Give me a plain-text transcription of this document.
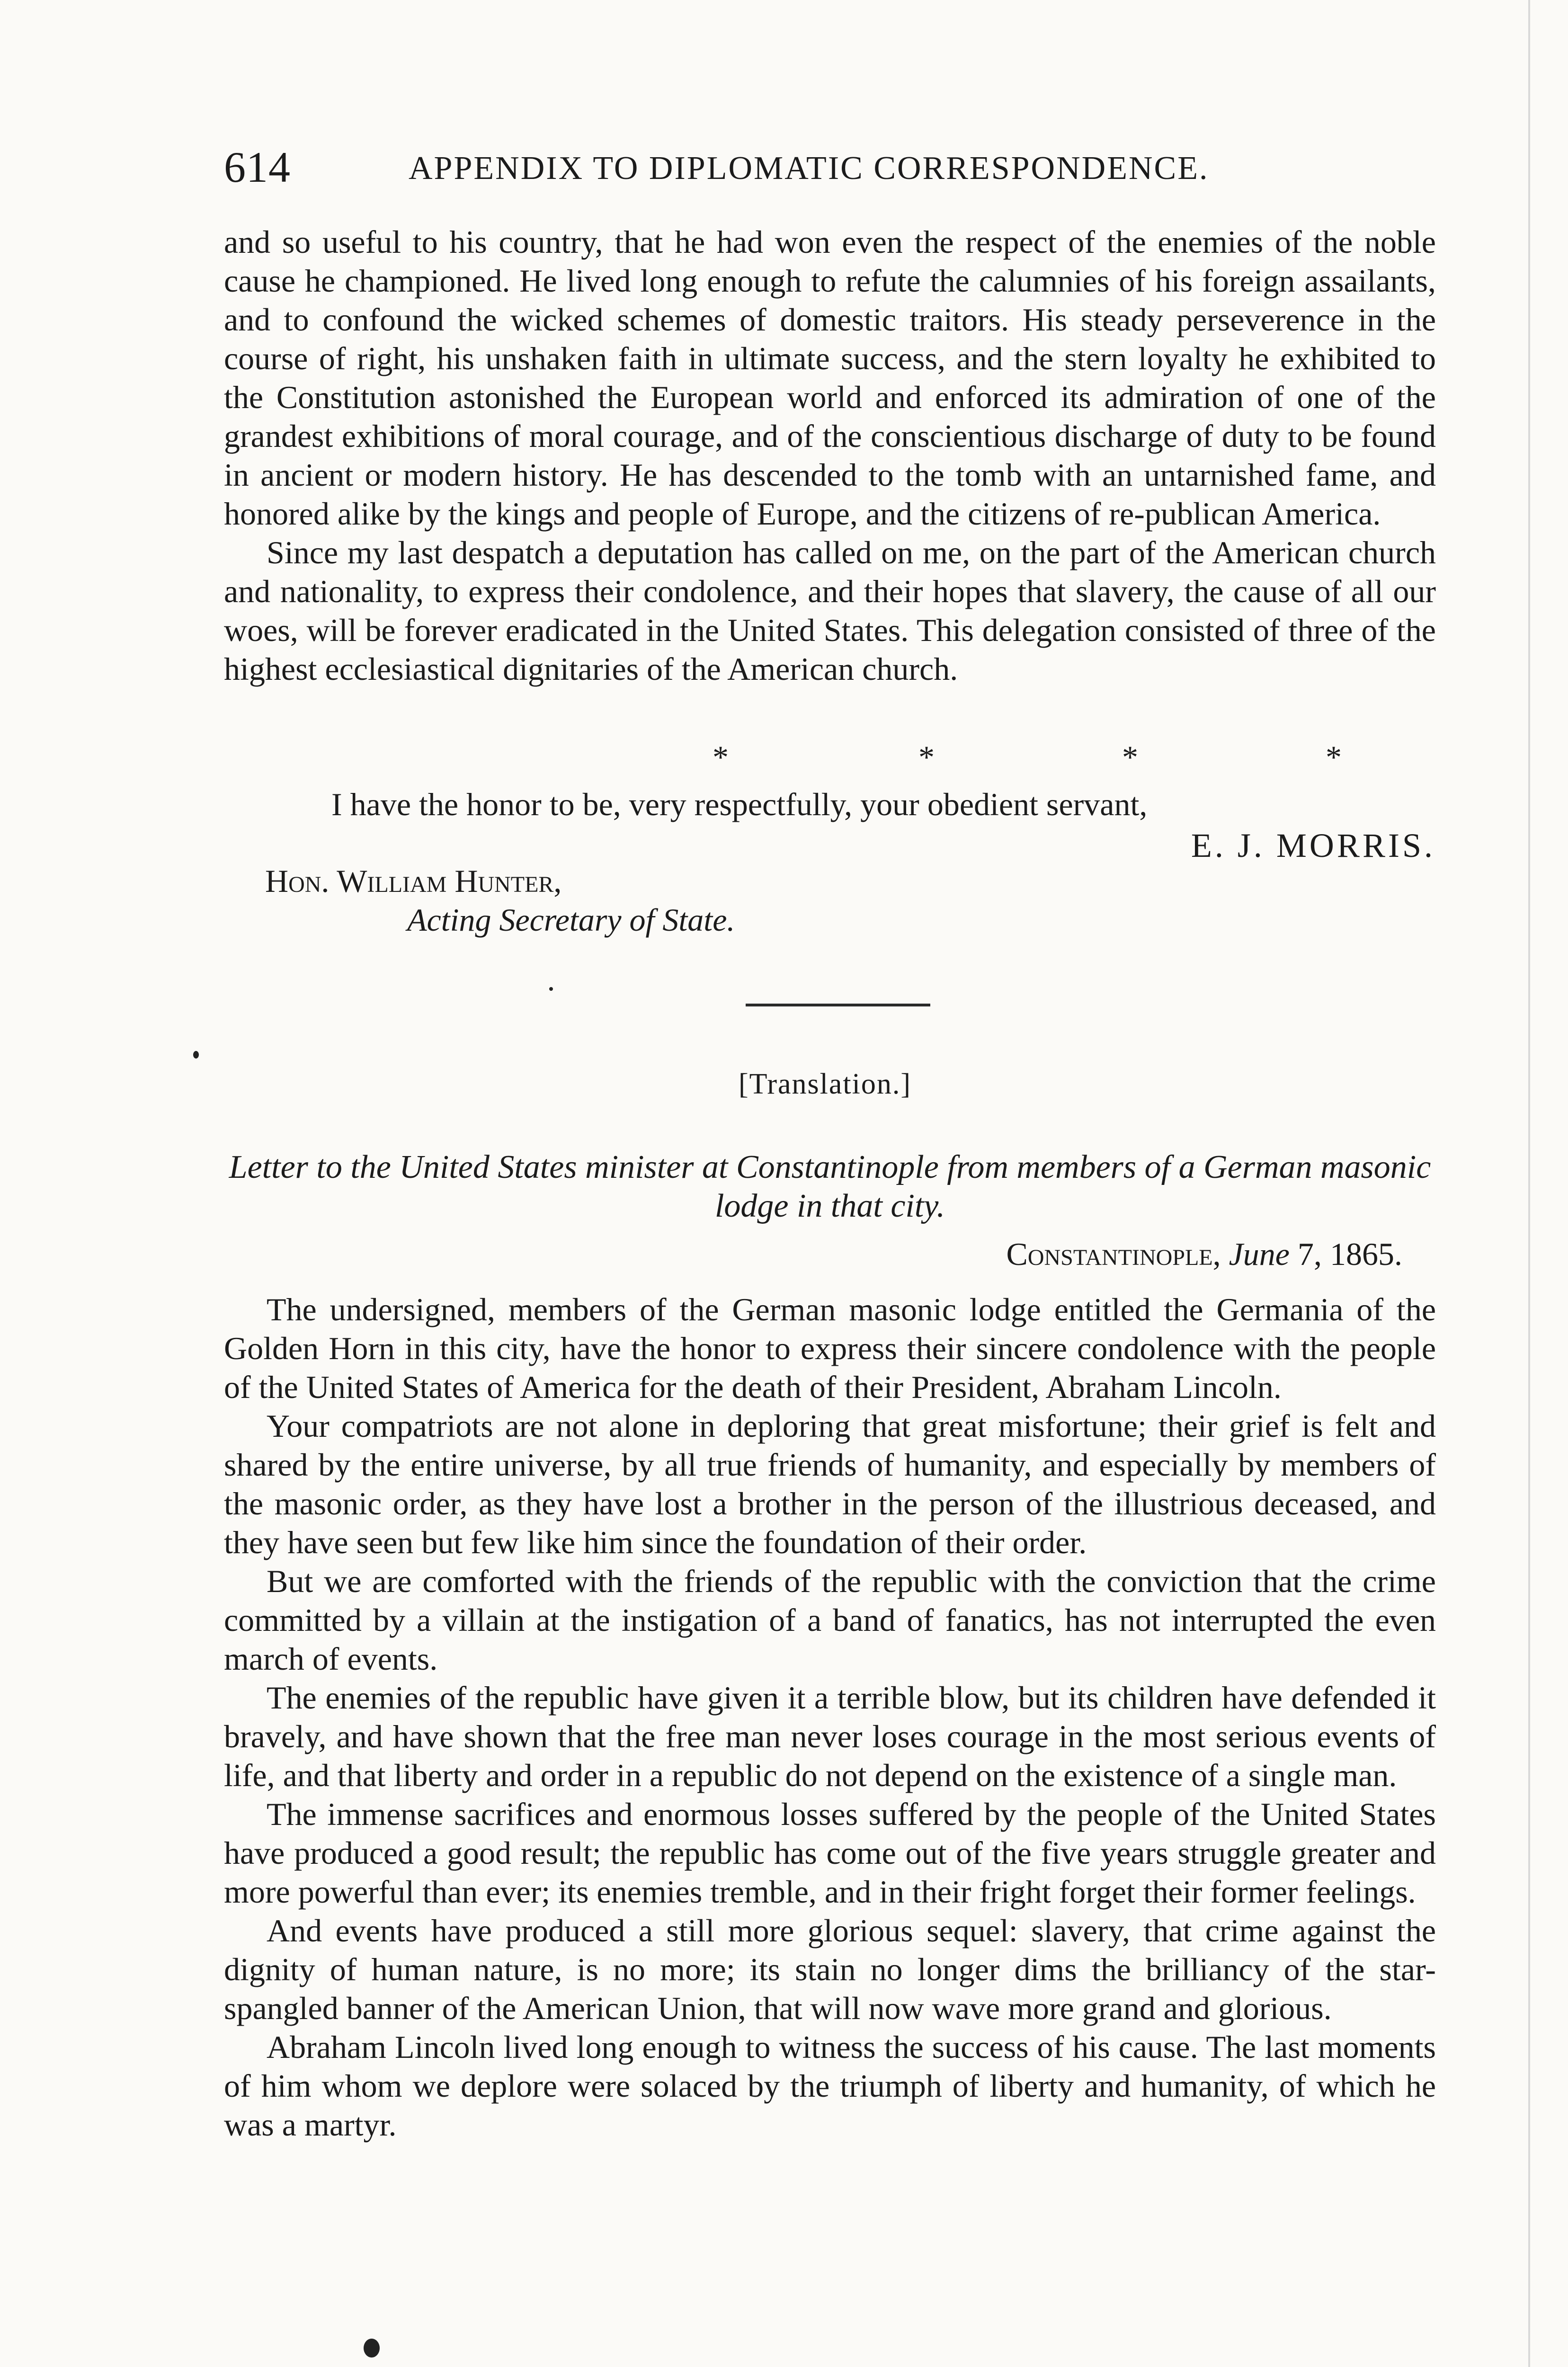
614	APPENDIX TO DIPLOMATIC CORRESPONDENCE.

and so useful to his country, that he had won even the respect of the enemies of the noble cause he championed. He lived long enough to refute the calumnies of his foreign assailants, and to confound the wicked schemes of domestic traitors. His steady perseverence in the course of right, his unshaken faith in ultimate success, and the stern loyalty he exhibited to the Constitution astonished the European world and enforced its admiration of one of the grandest exhibitions of moral courage, and of the conscientious discharge of duty to be found in ancient or modern history. He has descended to the tomb with an untarnished fame, and honored alike by the kings and people of Europe, and the citizens of re-publican America.

Since my last despatch a deputation has called on me, on the part of the American church and nationality, to express their condolence, and their hopes that slavery, the cause of all our woes, will be forever eradicated in the United States. This delegation consisted of three of the highest ecclesiastical dignitaries of the American church.

*	*	*	*
I have the honor to be, very respectfully, your obedient servant,
E. J. MORRIS.
Hon. William Hunter,
Acting Secretary of State.
[Translation.]
Letter to the United States minister at Constantinople from members of a German masonic lodge in that city.
Constantinople, June 7, 1865.

The undersigned, members of the German masonic lodge entitled the Germania of the Golden Horn in this city, have the honor to express their sincere condolence with the people of the United States of America for the death of their President, Abraham Lincoln.

Your compatriots are not alone in deploring that great misfortune; their grief is felt and shared by the entire universe, by all true friends of humanity, and especially by members of the masonic order, as they have lost a brother in the person of the illustrious deceased, and they have seen but few like him since the foundation of their order.

But we are comforted with the friends of the republic with the conviction that the crime committed by a villain at the instigation of a band of fanatics, has not interrupted the even march of events.

The enemies of the republic have given it a terrible blow, but its children have defended it bravely, and have shown that the free man never loses courage in the most serious events of life, and that liberty and order in a republic do not depend on the existence of a single man.

The immense sacrifices and enormous losses suffered by the people of the United States have produced a good result; the republic has come out of the five years struggle greater and more powerful than ever; its enemies tremble, and in their fright forget their former feelings.

And events have produced a still more glorious sequel: slavery, that crime against the dignity of human nature, is no more; its stain no longer dims the brilliancy of the star-spangled banner of the American Union, that will now wave more grand and glorious.

Abraham Lincoln lived long enough to witness the success of his cause. The last moments of him whom we deplore were solaced by the triumph of liberty and humanity, of which he was a martyr.
